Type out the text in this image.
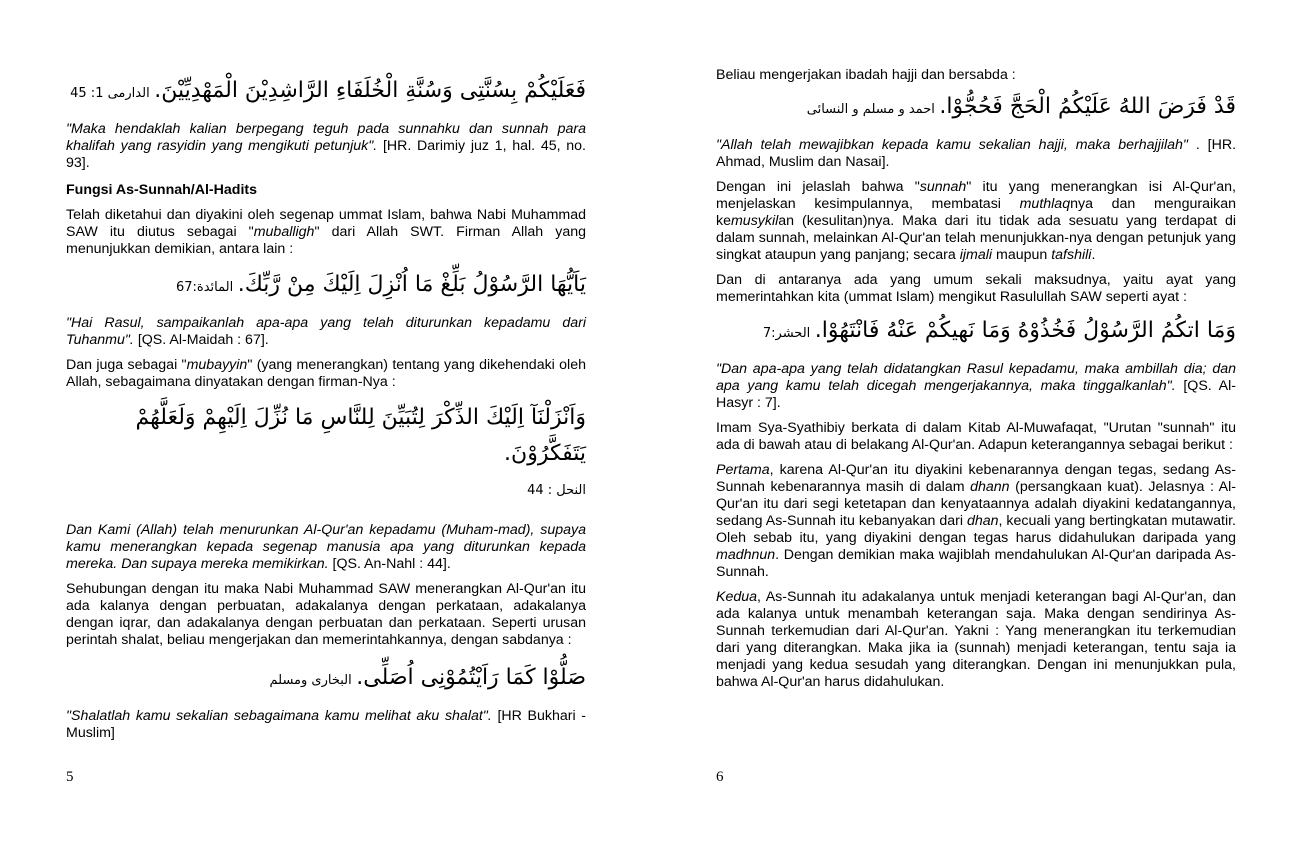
فَعَلَيْكُمْ بِسُنَّتِى وَسُنَّةِ الْخُلَفَاءِ الرَّاشِدِيْنَ الْمَهْدِيِّيْنَ. الدارمى 1: 45

"Maka hendaklah kalian berpegang teguh pada sunnahku dan sunnah para khalifah yang rasyidin yang mengikuti petunjuk". [HR. Darimiy juz 1, hal. 45, no. 93].

Fungsi As-Sunnah/Al-Hadits

Telah diketahui dan diyakini oleh segenap ummat Islam, bahwa Nabi Muhammad SAW itu diutus sebagai "muballigh" dari Allah SWT. Firman Allah yang menunjukkan demikian, antara lain :

يَاَيُّهَا الرَّسُوْلُ بَلِّغْ مَا اُنْزِلَ اِلَيْكَ مِنْ رَّبِّكَ. المائدة:67

"Hai Rasul, sampaikanlah apa-apa yang telah diturunkan kepadamu dari Tuhanmu". [QS. Al-Maidah : 67].

Dan juga sebagai "mubayyin" (yang menerangkan) tentang yang dikehendaki oleh Allah, sebagaimana dinyatakan dengan firman-Nya :

وَاَنْزَلْنَآ اِلَيْكَ الذِّكْرَ لِتُبَيِّنَ لِلنَّاسِ مَا نُزِّلَ اِلَيْهِمْ وَلَعَلَّهُمْ يَتَفَكَّرُوْنَ.
النحل : 44

Dan Kami (Allah) telah menurunkan Al-Qur'an kepadamu (Muham-mad), supaya kamu menerangkan kepada segenap manusia apa yang diturunkan kepada mereka. Dan supaya mereka memikirkan. [QS. An-Nahl : 44].

Sehubungan dengan itu maka Nabi Muhammad SAW menerangkan Al-Qur'an itu ada kalanya dengan perbuatan, adakalanya dengan perkataan, adakalanya dengan iqrar, dan adakalanya dengan perbuatan dan perkataan. Seperti urusan perintah shalat, beliau mengerjakan dan memerintahkannya, dengan sabdanya :

صَلُّوْا كَمَا رَاَيْتُمُوْنِى اُصَلِّى. البخارى ومسلم

"Shalatlah kamu sekalian sebagaimana kamu melihat aku shalat". [HR Bukhari - Muslim]

5

Beliau mengerjakan ibadah hajji dan bersabda :

قَدْ فَرَضَ اللهُ عَلَيْكُمُ الْحَجَّ فَحُجُّوْا. احمد و مسلم و النسائى

"Allah telah mewajibkan kepada kamu sekalian hajji, maka berhajjilah" . [HR. Ahmad, Muslim dan Nasai].

Dengan ini jelaslah bahwa "sunnah" itu yang menerangkan isi Al-Qur'an, menjelaskan kesimpulannya, membatasi muthlaqnya dan menguraikan kemusykilan (kesulitan)nya. Maka dari itu tidak ada sesuatu yang terdapat di dalam sunnah, melainkan Al-Qur'an telah menunjukkan-nya dengan petunjuk yang singkat ataupun yang panjang; secara ijmali maupun tafshili.

Dan di antaranya ada yang umum sekali maksudnya, yaitu ayat yang memerintahkan kita (ummat Islam) mengikut Rasulullah SAW seperti ayat :

وَمَا اتكُمُ الرَّسُوْلُ فَخُذُوْهُ وَمَا نَهيكُمْ عَنْهُ فَانْتَهُوْا. الحشر:7

"Dan apa-apa yang telah didatangkan Rasul kepadamu, maka ambillah dia; dan apa yang kamu telah dicegah mengerjakannya, maka tinggalkanlah". [QS. Al-Hasyr : 7].

Imam Sya-Syathibiy berkata di dalam Kitab Al-Muwafaqat, "Urutan "sunnah" itu ada di bawah atau di belakang Al-Qur'an. Adapun keterangannya sebagai berikut :

Pertama, karena Al-Qur'an itu diyakini kebenarannya dengan tegas, sedang As-Sunnah kebenarannya masih di dalam dhann (persangkaan kuat). Jelasnya : Al-Qur'an itu dari segi ketetapan dan kenyataannya adalah diyakini kedatangannya, sedang As-Sunnah itu kebanyakan dari dhan, kecuali yang bertingkatan mutawatir. Oleh sebab itu, yang diyakini dengan tegas harus didahulukan daripada yang madhnun. Dengan demikian maka wajiblah mendahulukan Al-Qur'an daripada As-Sunnah.

Kedua, As-Sunnah itu adakalanya untuk menjadi keterangan bagi Al-Qur'an, dan ada kalanya untuk menambah keterangan saja. Maka dengan sendirinya As-Sunnah terkemudian dari Al-Qur'an. Yakni : Yang menerangkan itu terkemudian dari yang diterangkan. Maka jika ia (sunnah) menjadi keterangan, tentu saja ia menjadi yang kedua sesudah yang diterangkan. Dengan ini menunjukkan pula, bahwa Al-Qur'an harus didahulukan.

6
